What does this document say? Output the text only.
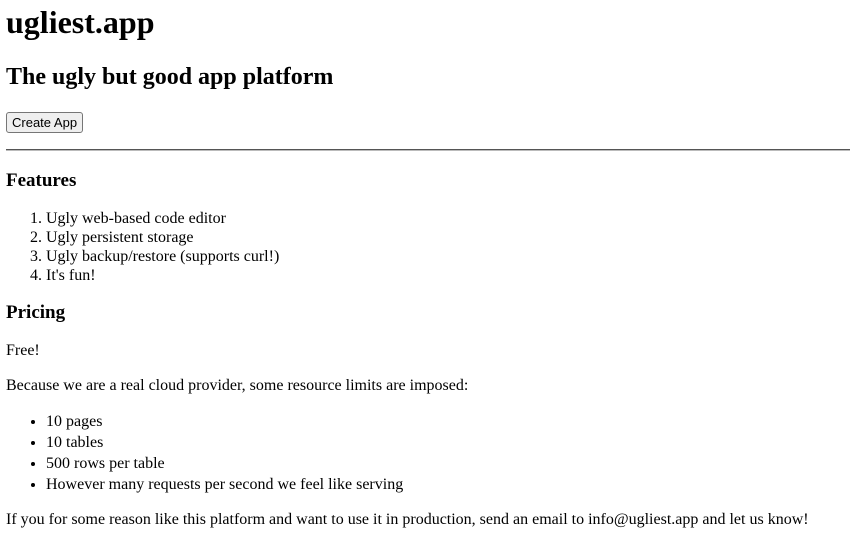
ugliest.app
The ugly but good app platform
Create App
Features
1. Ugly web-based code editor
2. Ugly persistent storage
3. Ugly backup/restore (supports curl!)
4. It's fun!
Pricing

Free!

Because we are a real cloud provider, some resource limits are imposed:

• 10 pages
• 10 tables
• 500 rows per table
• However many requests per second we feel like serving

If you for some reason like this platform and want to use it in production, send an email to info@ugliest.app and let us know!
